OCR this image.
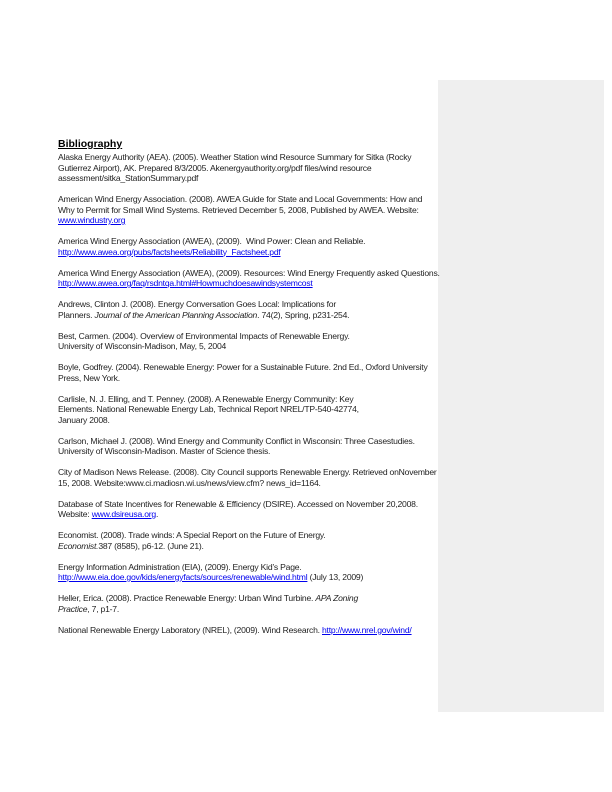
Bibliography
Alaska Energy Authority (AEA). (2005). Weather Station wind Resource Summary for Sitka (Rocky
Gutierrez Airport), AK. Prepared 8/3/2005. Akenergyauthority.org/pdf files/wind resource
assessment/sitka_StationSummary.pdf
American Wind Energy Association. (2008). AWEA Guide for State and Local Governments: How and
Why to Permit for Small Wind Systems. Retrieved December 5, 2008, Published by AWEA. Website:
www.windustry.org
America Wind Energy Association (AWEA), (2009).  Wind Power: Clean and Reliable.
http://www.awea.org/pubs/factsheets/Reliability_Factsheet.pdf
America Wind Energy Association (AWEA), (2009). Resources: Wind Energy Frequently asked Questions.
http://www.awea.org/faq/rsdntqa.html#Howmuchdoesawindsystemcost
Andrews, Clinton J. (2008). Energy Conversation Goes Local: Implications for
Planners. Journal of the American Planning Association. 74(2), Spring, p231-254.
Best, Carmen. (2004). Overview of Environmental Impacts of Renewable Energy.
University of Wisconsin-Madison, May, 5, 2004
Boyle, Godfrey. (2004). Renewable Energy: Power for a Sustainable Future. 2nd Ed., Oxford University
Press, New York.
Carlisle, N. J. Elling, and T. Penney. (2008). A Renewable Energy Community: Key
Elements. National Renewable Energy Lab, Technical Report NREL/TP-540-42774,
January 2008.
Carlson, Michael J. (2008). Wind Energy and Community Conflict in Wisconsin: Three Casestudies.
University of Wisconsin-Madison. Master of Science thesis.
City of Madison News Release. (2008). City Council supports Renewable Energy. Retrieved onNovember
15, 2008. Website:www.ci.madiosn.wi.us/news/view.cfm? news_id=1164.
Database of State Incentives for Renewable & Efficiency (DSIRE). Accessed on November 20,2008.
Website: www.dsireusa.org.
Economist. (2008). Trade winds: A Special Report on the Future of Energy.
Economist.387 (8585), p6-12. (June 21).
Energy Information Administration (EIA), (2009). Energy Kid’s Page.
http://www.eia.doe.gov/kids/energyfacts/sources/renewable/wind.html (July 13, 2009)
Heller, Erica. (2008). Practice Renewable Energy: Urban Wind Turbine. APA Zoning
Practice, 7, p1-7.
National Renewable Energy Laboratory (NREL), (2009). Wind Research. http://www.nrel.gov/wind/
